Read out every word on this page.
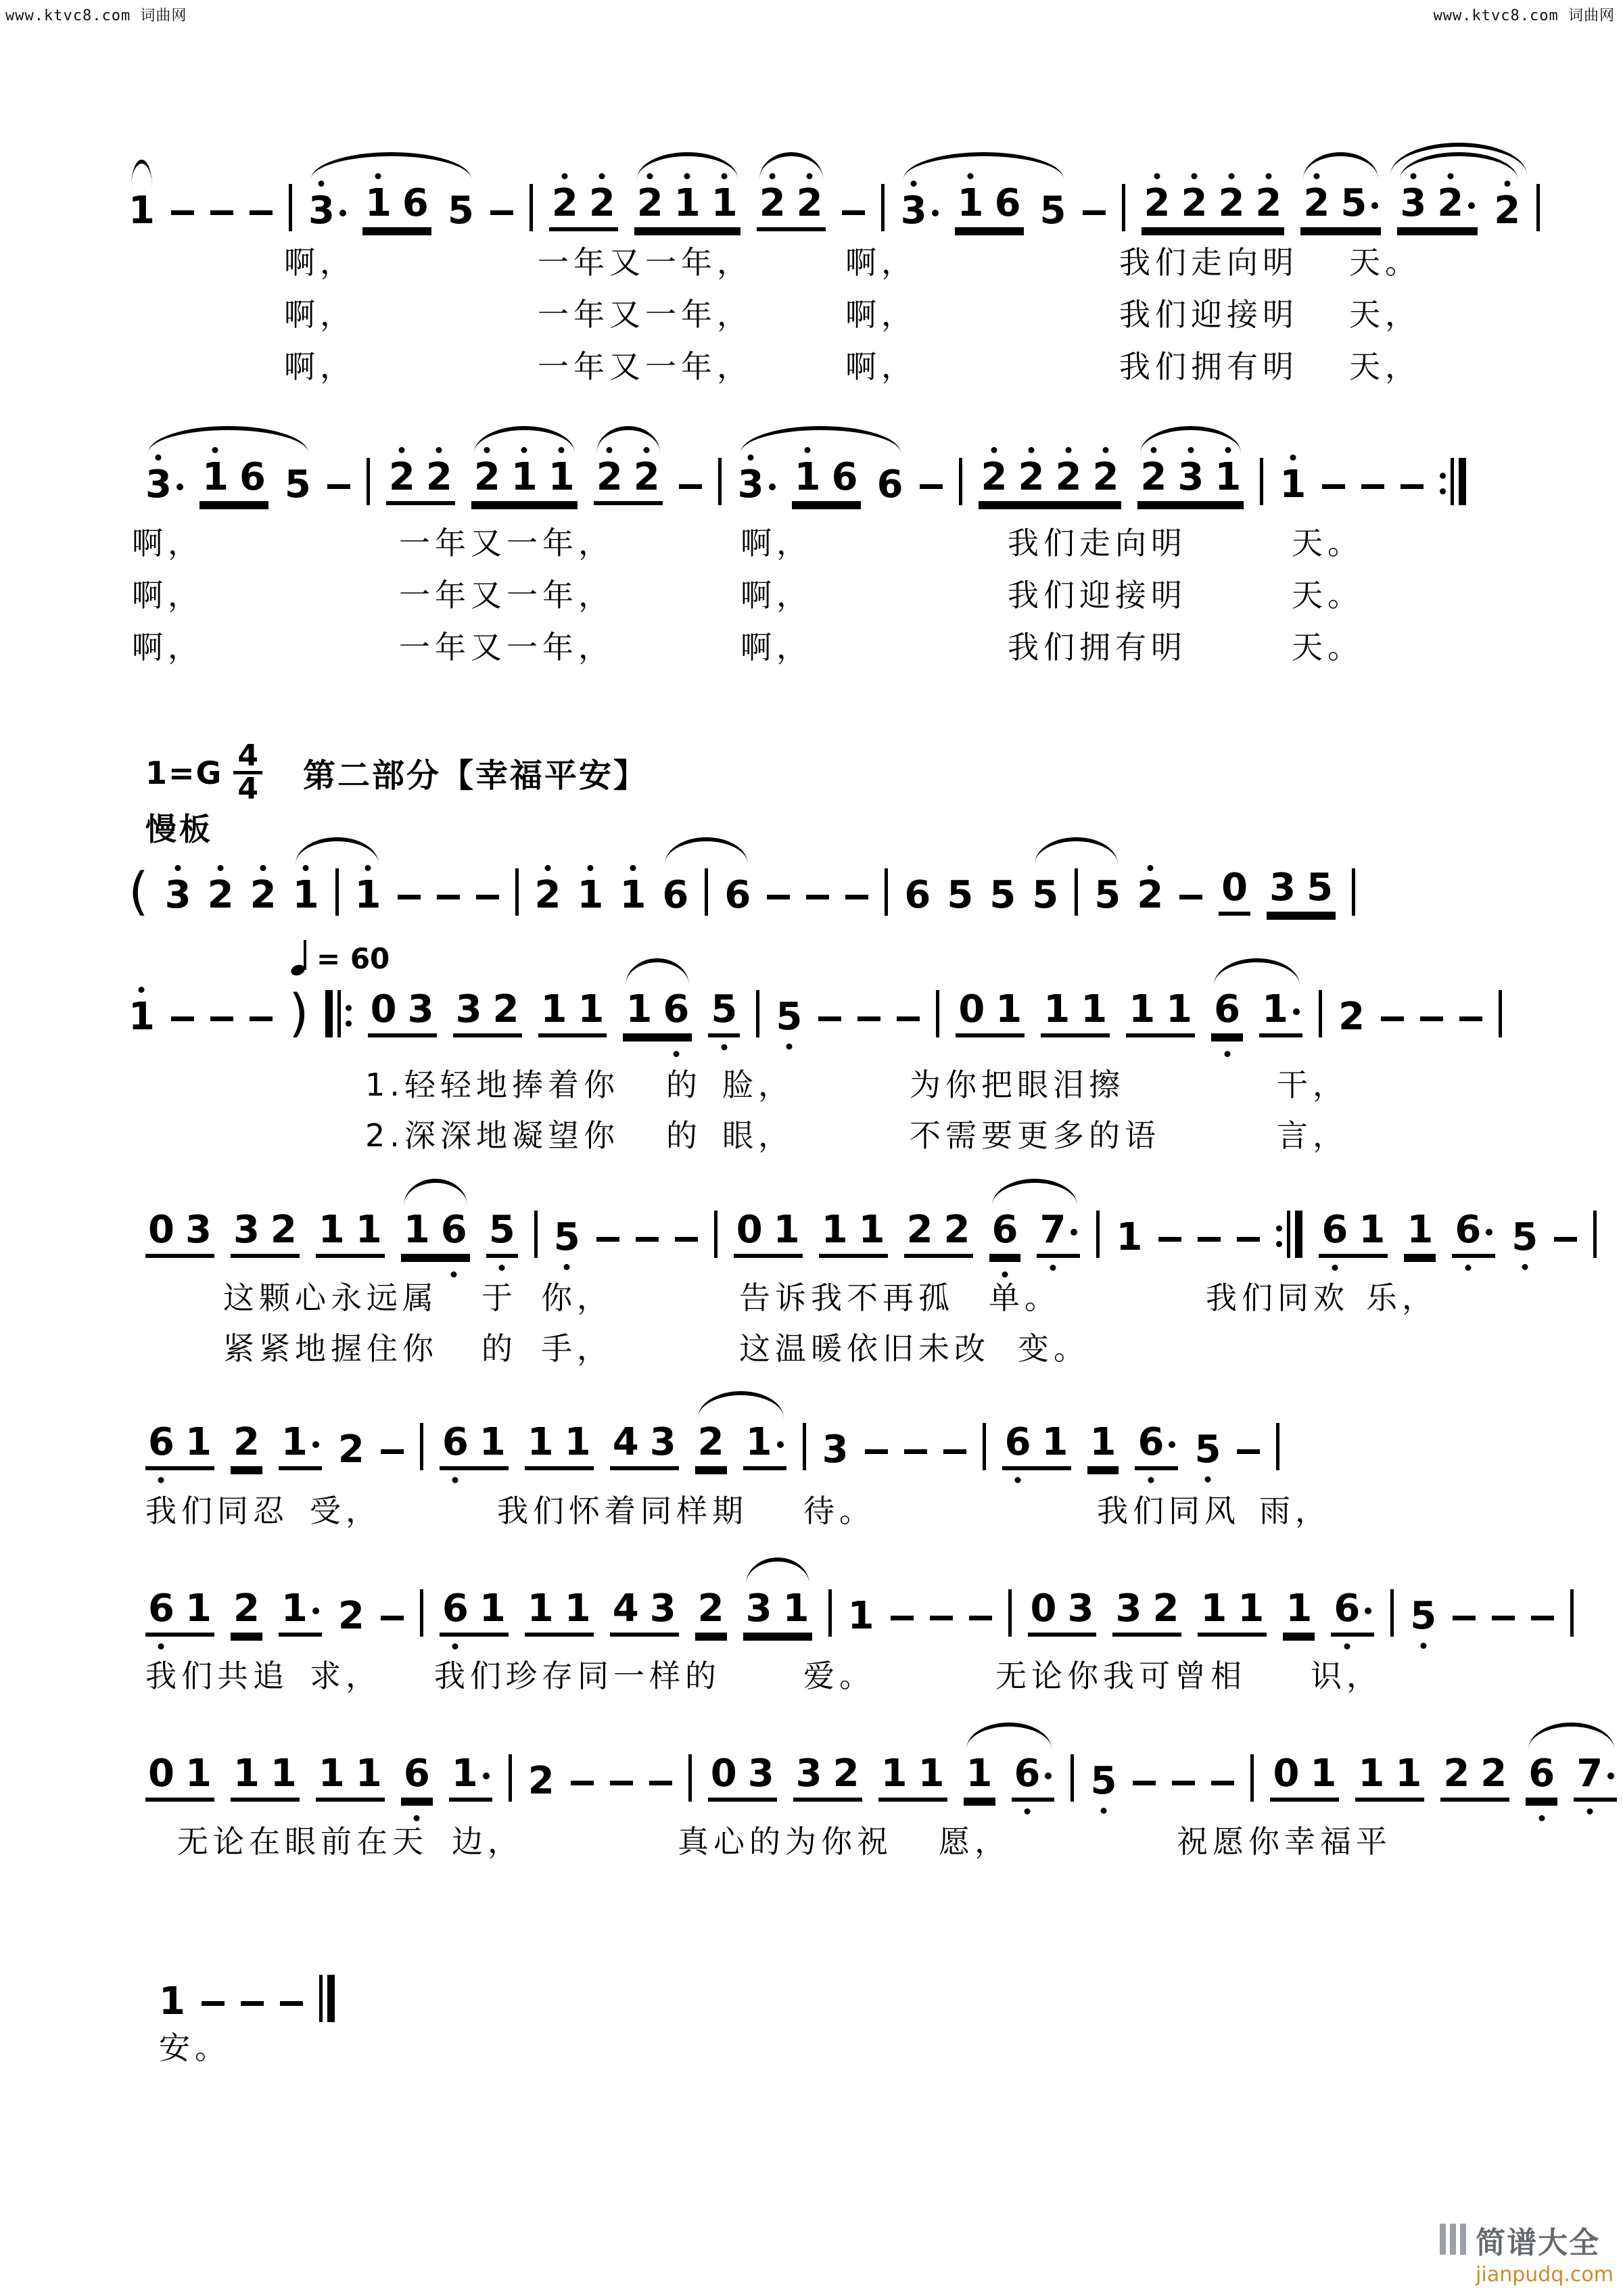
www.ktvc8.com 词曲网	www.ktvc8.com 词曲网
$1=G \frac{4}{4}$ 第二部分【幸福平安】
慢板
= 60
简谱大全
jianpudq.com
1	3 1 6 5 2 2 2 1 1 2 2 3 1 6 5 2 2 2 2 2 5 3 2 2
3 1 6 5 2 2 2 1 1 2 2 3 1 6 6 2 2 2 2 2 3 1 1
( 3 2 2 1 1	2 1 1 6 6	6 5 5 5 5 2 0 3 5
1	) 0 3 3 2 1 1 1 6 5 5	0 1 1 1 1 1 6 1 2
0 3 3 2 1 1 1 6 5 5	0 1 1 1 2 2 6 7 1	6 1 1 6 5
6 1 2 1 2 6 1 1 1 4 3 2 1 3	6 1 1 6 5
6 1 2 1 2 6 1 1 1 4 3 2 3 1 1	0 3 3 2 1 1 1 6 5
0 1 1 1 1 1 6 1 2	0 3 3 2 1 1 1 6 5	0 1 1 1 2 2 6 7
1
啊，	一年又一年，	啊，	我们走向明 天。
啊，	一年又一年，	啊，	我们迎接明 天，
啊，	一年又一年，	啊，	我们拥有明 天，
啊，	一年又一年，	啊，	我们走向明	天。
啊，	一年又一年，	啊，	我们迎接明	天。
啊，	一年又一年，	啊，	我们拥有明	天。
1. 轻轻地捧着你 的 脸，	为你把眼泪擦	干，
2. 深深地凝望你 的 眼，	不需要更多的语	言，
这颗心永远属 于 你，	告诉我不再孤 单。	我们同欢 乐，
紧紧地握住你 的 手，	这温暖依旧未改 变。
我们同忍 受，	我们怀着同样期 待。	我们同风 雨，
我们共追 求， 我们珍存同一样的	爱。	无论你我可曾相 识，
无论在眼前在天 边，	真心的为你祝 愿，	祝愿你幸福平
安。
